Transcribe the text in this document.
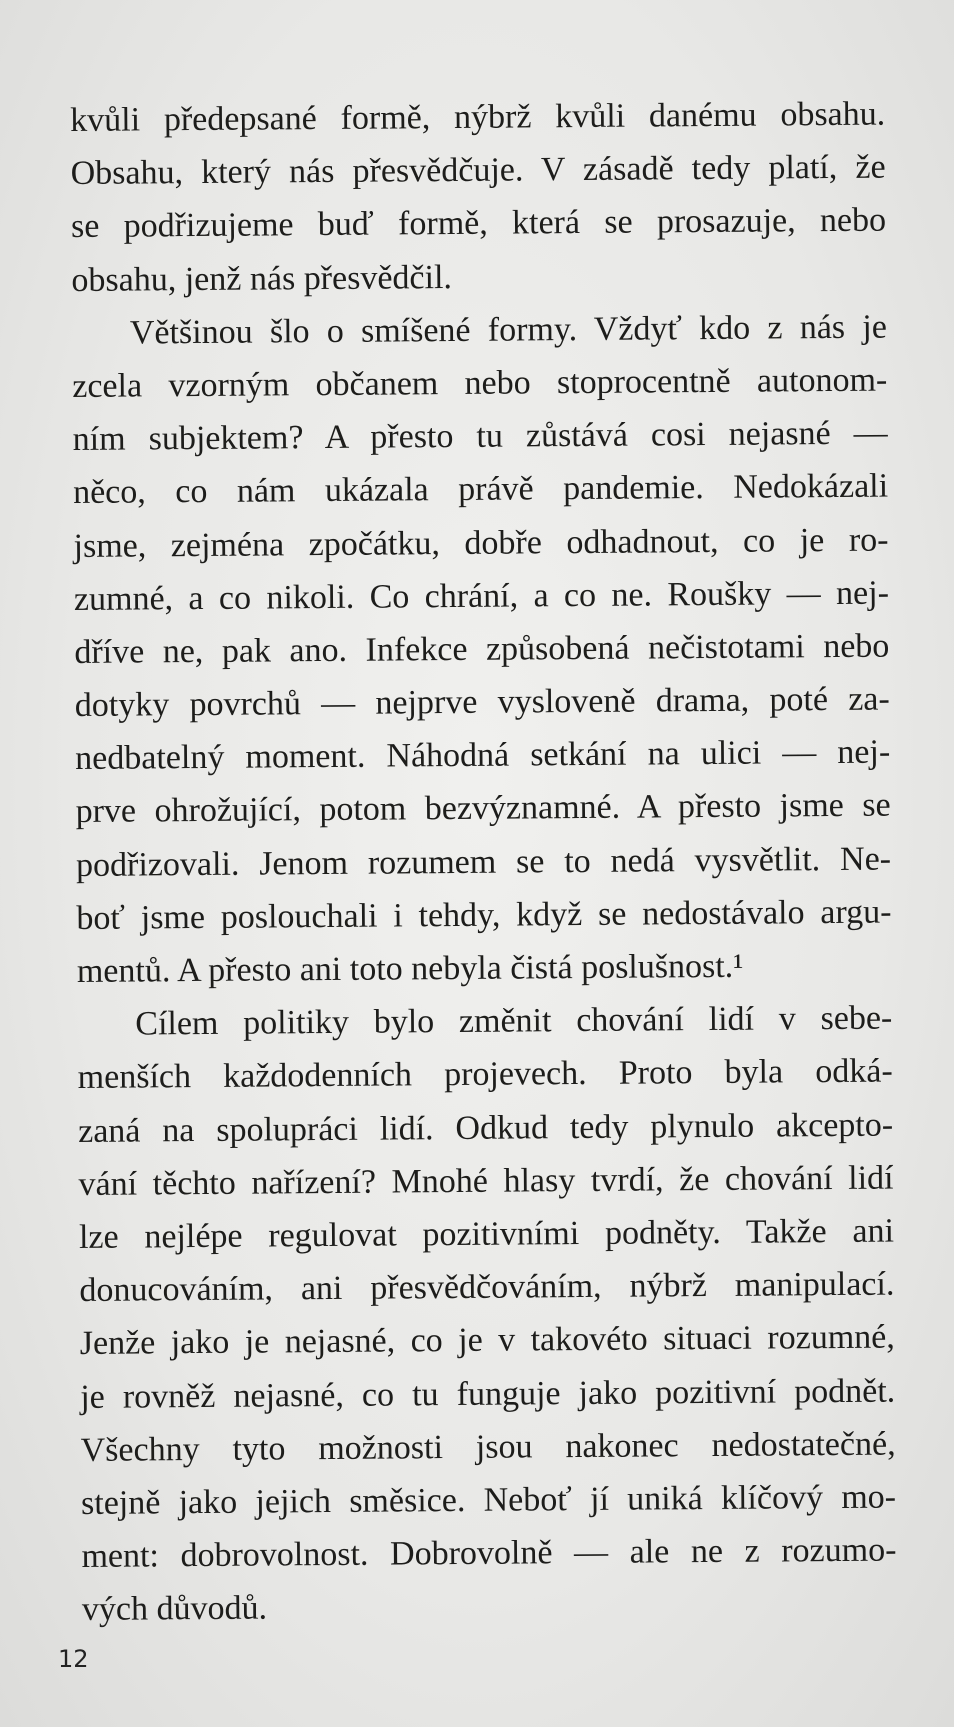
kvůli předepsané formě, nýbrž kvůli danému obsahu.
Obsahu, který nás přesvědčuje. V zásadě tedy platí, že
se podřizujeme buď formě, která se prosazuje, nebo
obsahu, jenž nás přesvědčil.

Většinou šlo o smíšené formy. Vždyť kdo z nás je
zcela vzorným občanem nebo stoprocentně autonom-
ním subjektem? A přesto tu zůstává cosi nejasné —
něco, co nám ukázala právě pandemie. Nedokázali
jsme, zejména zpočátku, dobře odhadnout, co je ro-
zumné, a co nikoli. Co chrání, a co ne. Roušky — nej-
dříve ne, pak ano. Infekce způsobená nečistotami nebo
dotyky povrchů — nejprve vysloveně drama, poté za-
nedbatelný moment. Náhodná setkání na ulici — nej-
prve ohrožující, potom bezvýznamné. A přesto jsme se
podřizovali. Jenom rozumem se to nedá vysvětlit. Ne-
boť jsme poslouchali i tehdy, když se nedostávalo argu-
mentů. A přesto ani toto nebyla čistá poslušnost.¹

Cílem politiky bylo změnit chování lidí v sebe-
menších každodenních projevech. Proto byla odká-
zaná na spolupráci lidí. Odkud tedy plynulo akcepto-
vání těchto nařízení? Mnohé hlasy tvrdí, že chování lidí
lze nejlépe regulovat pozitivními podněty. Takže ani
donucováním, ani přesvědčováním, nýbrž manipulací.
Jenže jako je nejasné, co je v takovéto situaci rozumné,
je rovněž nejasné, co tu funguje jako pozitivní podnět.
Všechny tyto možnosti jsou nakonec nedostatečné,
stejně jako jejich směsice. Neboť jí uniká klíčový mo-
ment: dobrovolnost. Dobrovolně — ale ne z rozumo-
vých důvodů.

12
